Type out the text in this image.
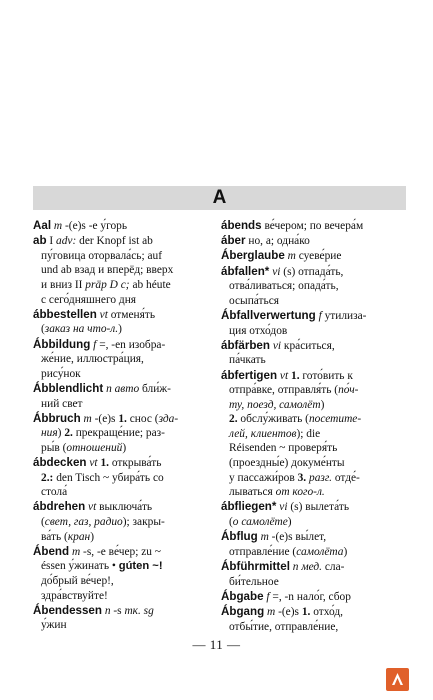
A
Aal m -(e)s -e у́горь
ab I adv: der Knopf ist ab
пу́говица оторвала́сь; auf
und ab взад и вперёд; вверх
и вниз II präp D c; ab héute
с сего́дняшнего дня
ábbestellen vt отменя́ть
(заказ на что-л.)
Ábbildung f =, -en изобра-
же́ние, иллюстра́ция,
рису́нок
Ábblendlicht n авто бли́ж-
ний свет
Ábbruch m -(e)s 1. снос (зда-
ния) 2. прекраще́ние; раз-
ры́в (отношений)
ábdecken vt 1. открыва́ть
2.: den Tisch ~ убира́ть со
стола́
ábdrehen vt выключа́ть
(свет, газ, радио); закры-
ва́ть (кран)
Ábend m -s, -e ве́чер; zu ~
éssen у́жинать • gúten ~!
до́брый ве́чер!,
здра́вствуйте!
Ábendessen n -s тк. sg
у́жин
ábends ве́чером; по вечера́м
áber но, а; одна́ко
Áberglaube m суеве́рие
ábfallen* vi (s) отпада́ть,
отва́ливаться; опада́ть,
осыпа́ться
Ábfallverwertung f утилиза-
ция отхо́дов
ábfärben vi кра́ситься,
па́чкать
ábfertigen vt 1. гото́вить к
отпра́вке, отправля́ть (по́ч-
ту, поезд, самолёт)
2. обслу́живать (посетите-
лей, клиентов); die
Réisenden ~ проверя́ть
(проездны́е) докуме́нты
у пассажи́ров 3. разг. отде́-
лываться от кого-л.
ábfliegen* vi (s) вылета́ть
(о самолёте)
Ábflug m -(e)s вы́лет,
отправле́ние (самолёта)
Ábführmittel n мед. сла-
би́тельное
Ábgabe f =, -n нало́г, сбор
Ábgang m -(e)s 1. отхо́д,
отбы́тие, отправле́ние,
— 11 —
